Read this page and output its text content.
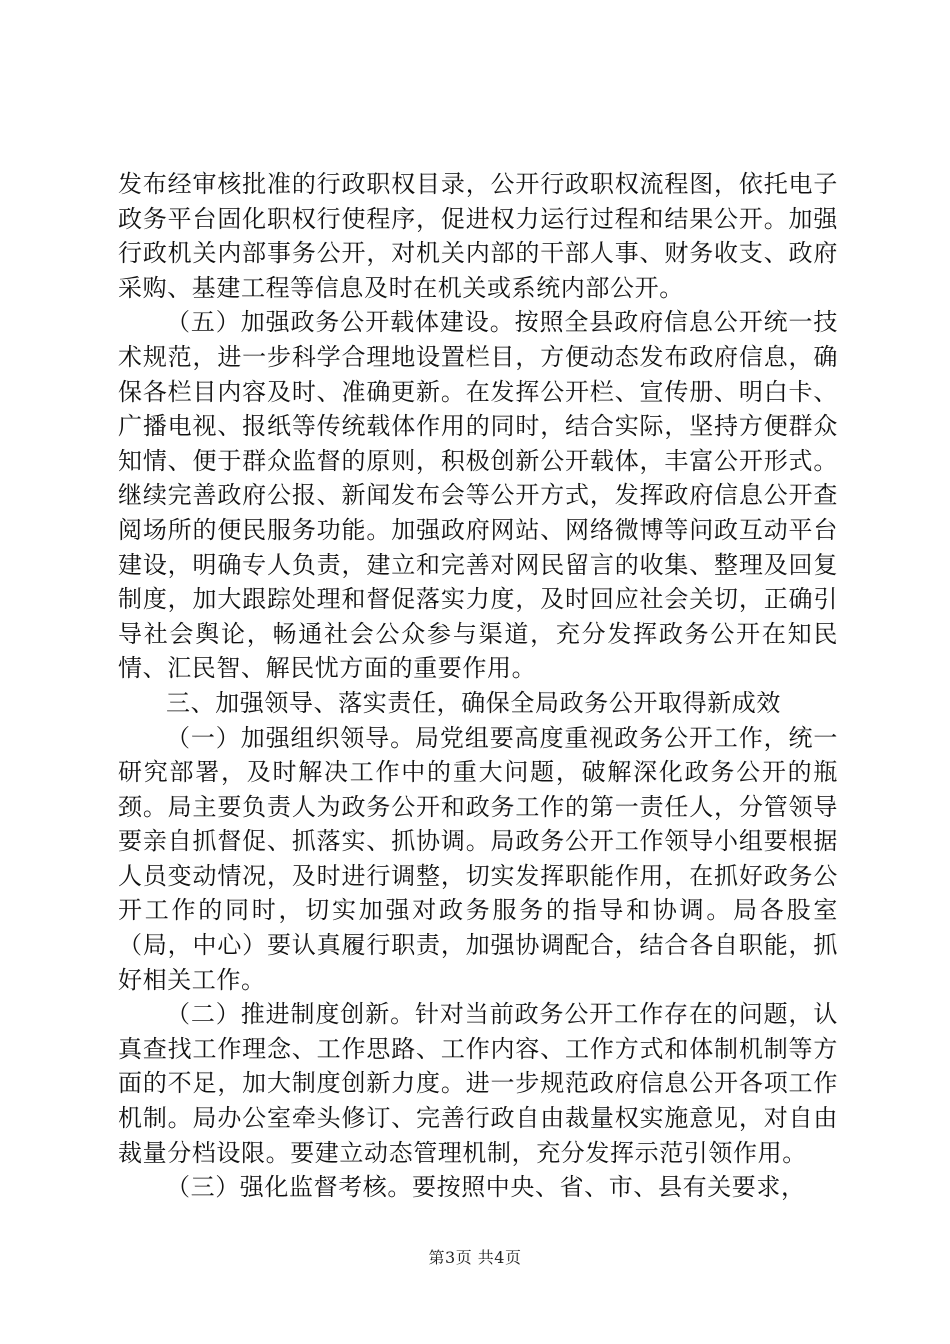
发布经审核批准的行政职权目录，公开行政职权流程图，依托电子政务平台固化职权行使程序，促进权力运行过程和结果公开。加强行政机关内部事务公开，对机关内部的干部人事、财务收支、政府采购、基建工程等信息及时在机关或系统内部公开。

（五）加强政务公开载体建设。按照全县政府信息公开统一技术规范，进一步科学合理地设置栏目，方便动态发布政府信息，确保各栏目内容及时、准确更新。在发挥公开栏、宣传册、明白卡、广播电视、报纸等传统载体作用的同时，结合实际，坚持方便群众知情、便于群众监督的原则，积极创新公开载体，丰富公开形式。继续完善政府公报、新闻发布会等公开方式，发挥政府信息公开查阅场所的便民服务功能。加强政府网站、网络微博等问政互动平台建设，明确专人负责，建立和完善对网民留言的收集、整理及回复制度，加大跟踪处理和督促落实力度，及时回应社会关切，正确引导社会舆论，畅通社会公众参与渠道，充分发挥政务公开在知民情、汇民智、解民忧方面的重要作用。

三、加强领导、落实责任，确保全局政务公开取得新成效

（一）加强组织领导。局党组要高度重视政务公开工作，统一研究部署，及时解决工作中的重大问题，破解深化政务公开的瓶颈。局主要负责人为政务公开和政务工作的第一责任人，分管领导要亲自抓督促、抓落实、抓协调。局政务公开工作领导小组要根据人员变动情况，及时进行调整，切实发挥职能作用，在抓好政务公开工作的同时，切实加强对政务服务的指导和协调。局各股室（局，中心）要认真履行职责，加强协调配合，结合各自职能，抓好相关工作。

（二）推进制度创新。针对当前政务公开工作存在的问题，认真查找工作理念、工作思路、工作内容、工作方式和体制机制等方面的不足，加大制度创新力度。进一步规范政府信息公开各项工作机制。局办公室牵头修订、完善行政自由裁量权实施意见，对自由裁量分档设限。要建立动态管理机制，充分发挥示范引领作用。

（三）强化监督考核。要按照中央、省、市、县有关要求，

第3页 共4页
